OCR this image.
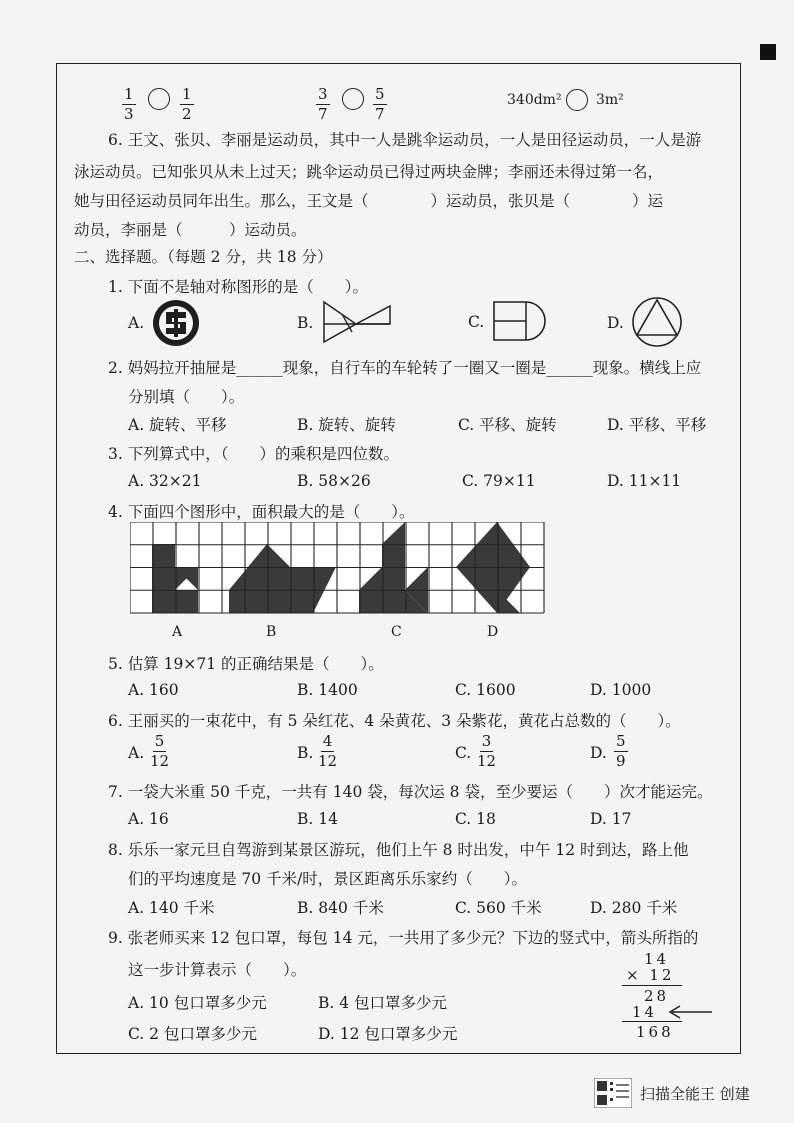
$\frac{1}{3}$	$\frac{1}{2}$	$\frac{3}{7}$	$\frac{5}{7}$	340dm² 3m²
6. 王文、张贝、李丽是运动员，其中一人是跳伞运动员，一人是田径运动员，一人是游
泳运动员。已知张贝从未上过天；跳伞运动员已得过两块金牌；李丽还未得过第一名，
她与田径运动员同年出生。那么，王文是（　　　　）运动员，张贝是（　　　　）运
动员，李丽是（　　　）运动员。
二、选择题。（每题 2 分，共 18 分）
1. 下面不是轴对称图形的是（　　）。
A.	B.	C.	D.
2. 妈妈拉开抽屉是______现象，自行车的车轮转了一圈又一圈是______现象。横线上应
分别填（　　）。
A. 旋转、平移	B. 旋转、旋转	C. 平移、旋转	D. 平移、平移
3. 下列算式中，（　　）的乘积是四位数。
A. 32×21	B. 58×26	C. 79×11	D. 11×11
4. 下面四个图形中，面积最大的是（　　）。
A	B	C	D
5. 估算 19×71 的正确结果是（　　）。
A. 160	B. 1400	C. 1600	D. 1000
6. 王丽买的一束花中，有 5 朵红花、4 朵黄花、3 朵紫花，黄花占总数的（　　）。
A. $\frac{5}{12}$	B. $\frac{4}{12}$	C. $\frac{3}{12}$	D. $\frac{5}{9}$
7. 一袋大米重 50 千克，一共有 140 袋，每次运 8 袋，至少要运（　　）次才能运完。
A. 16	B. 14	C. 18	D. 17
8. 乐乐一家元旦自驾游到某景区游玩，他们上午 8 时出发，中午 12 时到达，路上他
们的平均速度是 70 千米/时，景区距离乐乐家约（　　）。
A. 140 千米	B. 840 千米	C. 560 千米	D. 280 千米
9. 张老师买来 12 包口罩，每包 14 元，一共用了多少元？下边的竖式中，箭头所指的
这一步计算表示（　　）。
A. 10 包口罩多少元	B. 4 包口罩多少元
C. 2 包口罩多少元	D. 12 包口罩多少元
14
× 12
28
14
168
扫描全能王 创建
